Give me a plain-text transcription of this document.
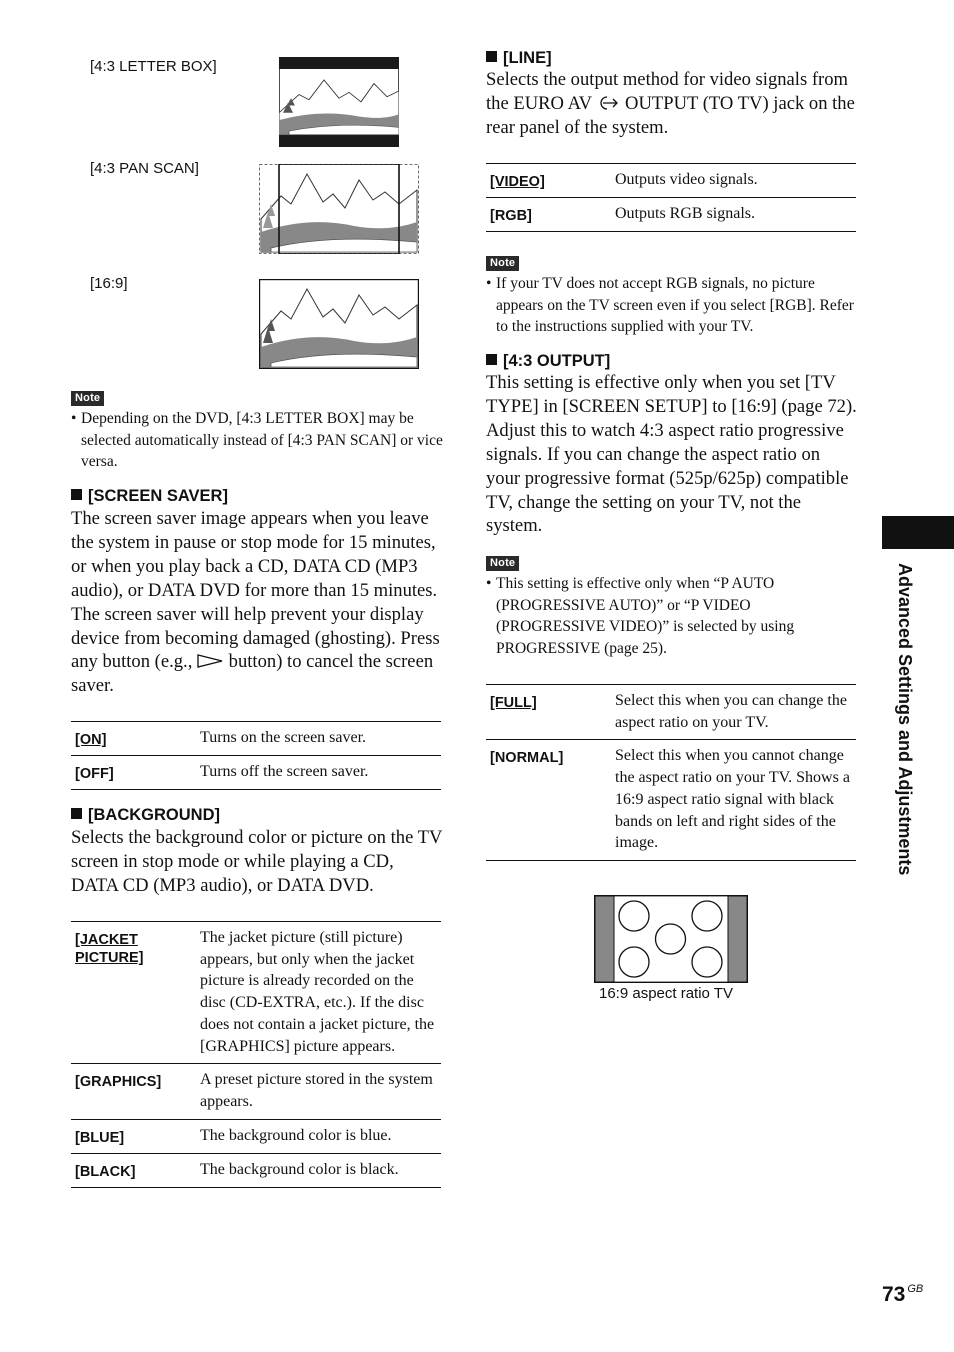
[4:3 LETTER BOX]
[4:3 PAN SCAN]
[16:9]
Note
• Depending on the DVD, [4:3 LETTER BOX] may be selected automatically instead of [4:3 PAN SCAN] or vice versa.
[SCREEN SAVER]
The screen saver image appears when you leave the system in pause or stop mode for 15 minutes, or when you play back a CD, DATA CD (MP3 audio), or DATA DVD for more than 15 minutes. The screen saver will help prevent your display device from becoming damaged (ghosting). Press any button (e.g., button) to cancel the screen saver.
[ON]	Turns on the screen saver.
[OFF]	Turns off the screen saver.
[BACKGROUND]
Selects the background color or picture on the TV screen in stop mode or while playing a CD, DATA CD (MP3 audio), or DATA DVD.
[JACKET PICTURE]	The jacket picture (still picture) appears, but only when the jacket picture is already recorded on the disc (CD-EXTRA, etc.). If the disc does not contain a jacket picture, the [GRAPHICS] picture appears.
[GRAPHICS]	A preset picture stored in the system appears.
[BLUE]	The background color is blue.
[BLACK]	The background color is black.
[LINE]
Selects the output method for video signals from the EURO AV OUTPUT (TO TV) jack on the rear panel of the system.
[VIDEO]	Outputs video signals.
[RGB]	Outputs RGB signals.
Note
• If your TV does not accept RGB signals, no picture appears on the TV screen even if you select [RGB]. Refer to the instructions supplied with your TV.
[4:3 OUTPUT]
This setting is effective only when you set [TV TYPE] in [SCREEN SETUP] to [16:9] (page 72). Adjust this to watch 4:3 aspect ratio progressive signals. If you can change the aspect ratio on your progressive format (525p/625p) compatible TV, change the setting on your TV, not the system.
Note
• This setting is effective only when “P AUTO (PROGRESSIVE AUTO)” or “P VIDEO (PROGRESSIVE VIDEO)” is selected by using PROGRESSIVE (page 25).
[FULL]	Select this when you can change the aspect ratio on your TV.
[NORMAL]	Select this when you cannot change the aspect ratio on your TV. Shows a 16:9 aspect ratio signal with black bands on left and right sides of the image.
16:9 aspect ratio TV
Advanced Settings and Adjustments
73 $^{GB}$
